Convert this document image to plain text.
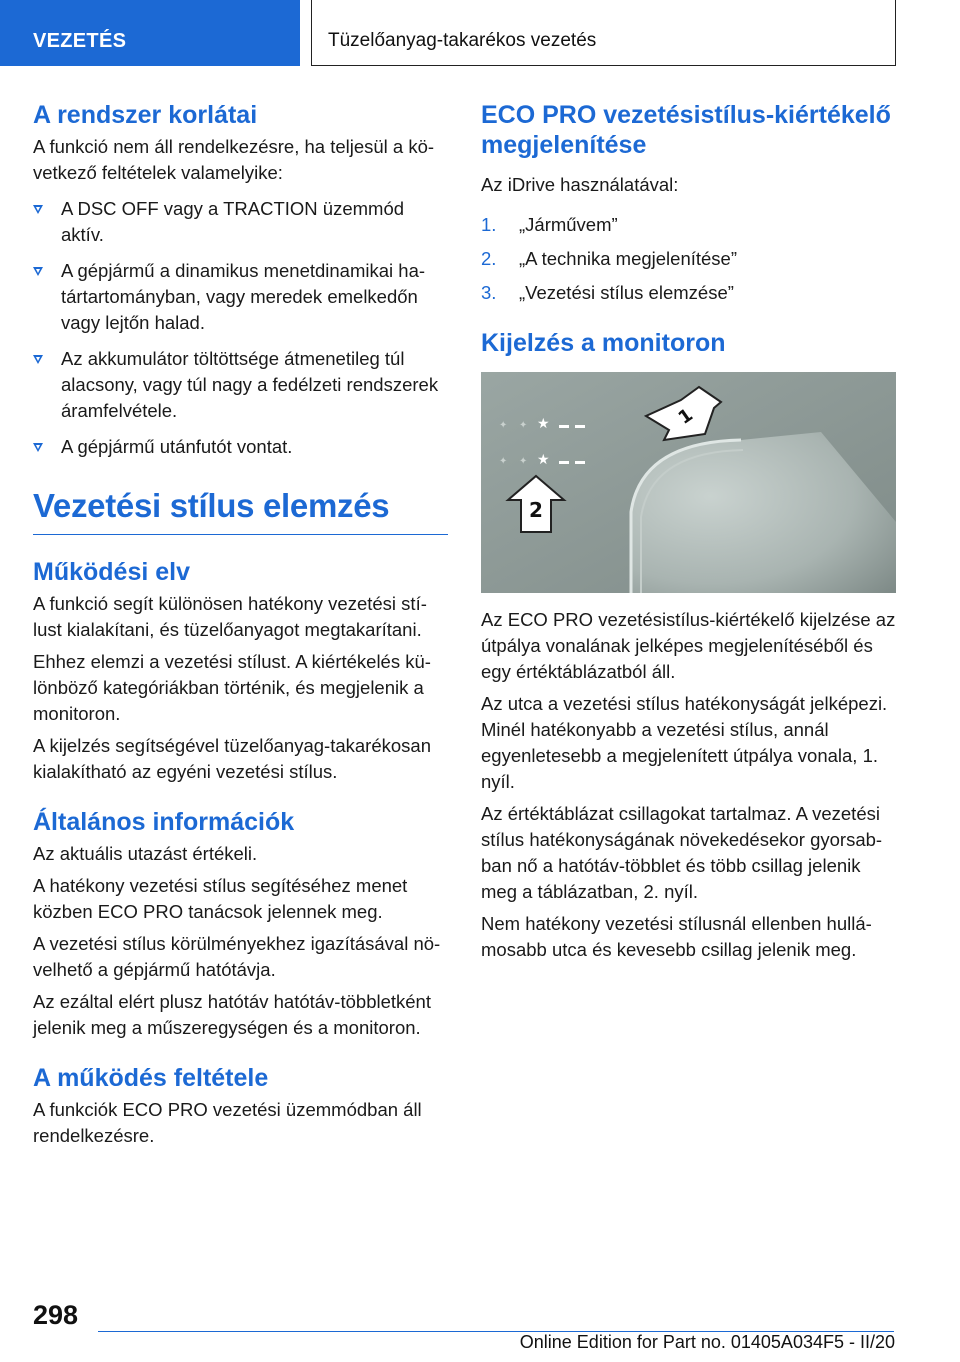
VEZETÉS	Tüzelőanyag-takarékos vezetés
A rendszer korlátai
A funkció nem áll rendelkezésre, ha teljesül a következő feltételek valamelyike:
A DSC OFF vagy a TRACTION üzemmód aktív.
A gépjármű a dinamikus menetdinamikai határtartományban, vagy meredek emelkedőn vagy lejtőn halad.
Az akkumulátor töltöttsége átmenetileg túl alacsony, vagy túl nagy a fedélzeti rendszerek áramfelvétele.
A gépjármű utánfutót vontat.
Vezetési stílus elemzés
Működési elv
A funkció segít különösen hatékony vezetési stílust kialakítani, és tüzelőanyagot megtakarítani.
Ehhez elemzi a vezetési stílust. A kiértékelés különböző kategóriákban történik, és megjelenik a monitoron.
A kijelzés segítségével tüzelőanyag-takarékosan kialakítható az egyéni vezetési stílus.
Általános információk
Az aktuális utazást értékeli.
A hatékony vezetési stílus segítéséhez menet közben ECO PRO tanácsok jelennek meg.
A vezetési stílus körülményekhez igazításával növelhető a gépjármű hatótávja.
Az ezáltal elért plusz hatótáv hatótáv-többletként jelenik meg a műszeregységen és a monitoron.
A működés feltétele
A funkciók ECO PRO vezetési üzemmódban áll rendelkezésre.
ECO PRO vezetésistílus-kiértékelő megjelenítése
Az iDrive használatával:
1. „Járművem”
2. „A technika megjelenítése”
3. „Vezetési stílus elemzése”
Kijelzés a monitoron
✦ ✦ ★
✦ ✦ ★
2
1
Az ECO PRO vezetésistílus-kiértékelő kijelzése az útpálya vonalának jelképes megjelenítéséből és egy értéktáblázatból áll.
Az utca a vezetési stílus hatékonyságát jelképezi. Minél hatékonyabb a vezetési stílus, annál egyenletesebb a megjelenített útpálya vonala, 1. nyíl.
Az értéktáblázat csillagokat tartalmaz. A vezetési stílus hatékonyságának növekedésekor gyorsabban nő a hatótáv-többlet és több csillag jelenik meg a táblázatban, 2. nyíl.
Nem hatékony vezetési stílusnál ellenben hullámosabb utca és kevesebb csillag jelenik meg.
298
Online Edition for Part no. 01405A034F5 - II/20
